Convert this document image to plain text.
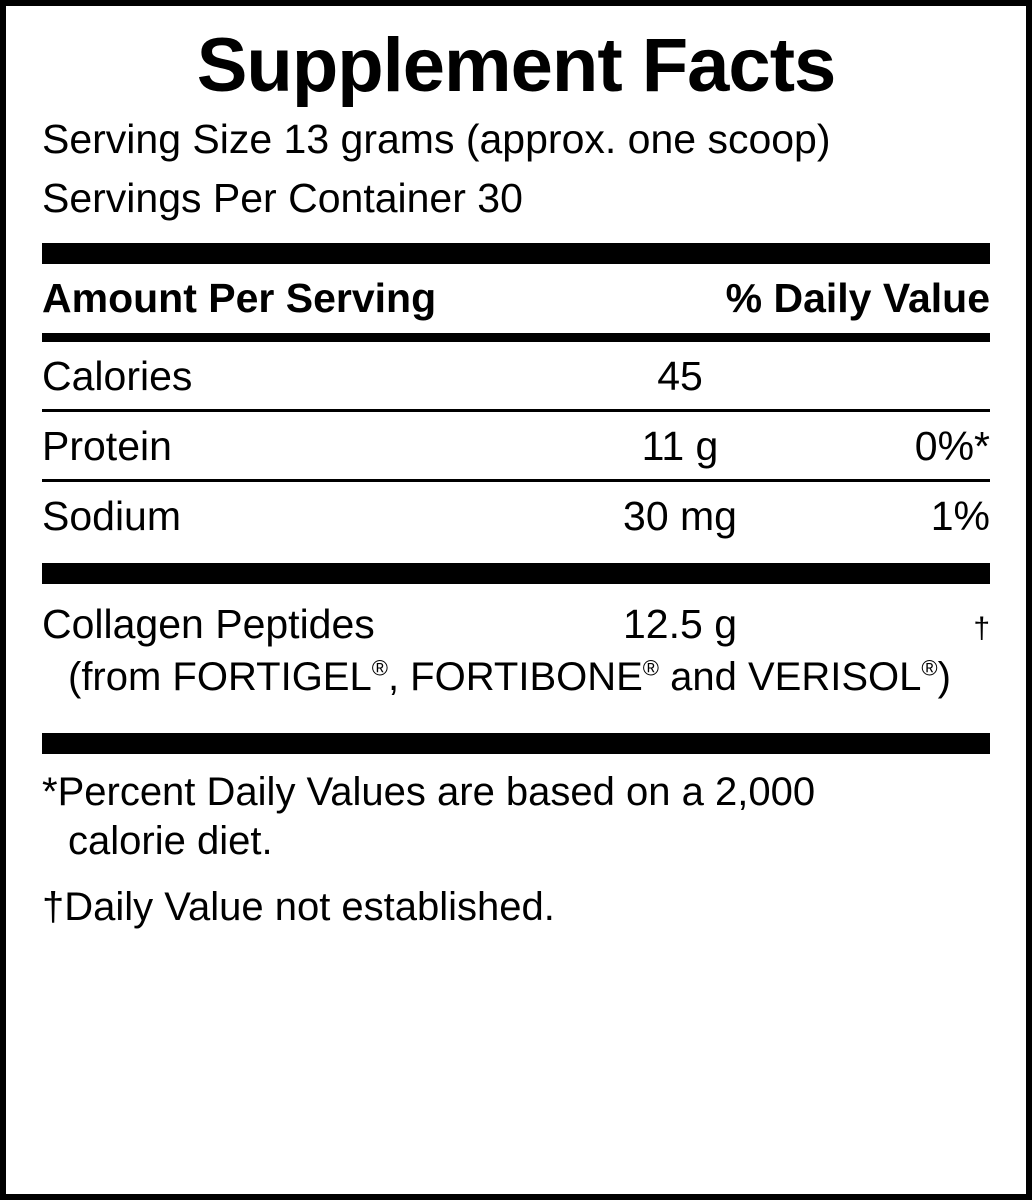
Supplement Facts
Serving Size 13 grams (approx. one scoop)
Servings Per Container 30
Amount Per Serving	% Daily Value
Calories	45
Protein	11 g	0%*
Sodium	30 mg	1%
Collagen Peptides	12.5 g	†
(from FORTIGEL®, FORTIBONE® and VERISOL®)

*Percent Daily Values are based on a 2,000
calorie diet.

†Daily Value not established.
